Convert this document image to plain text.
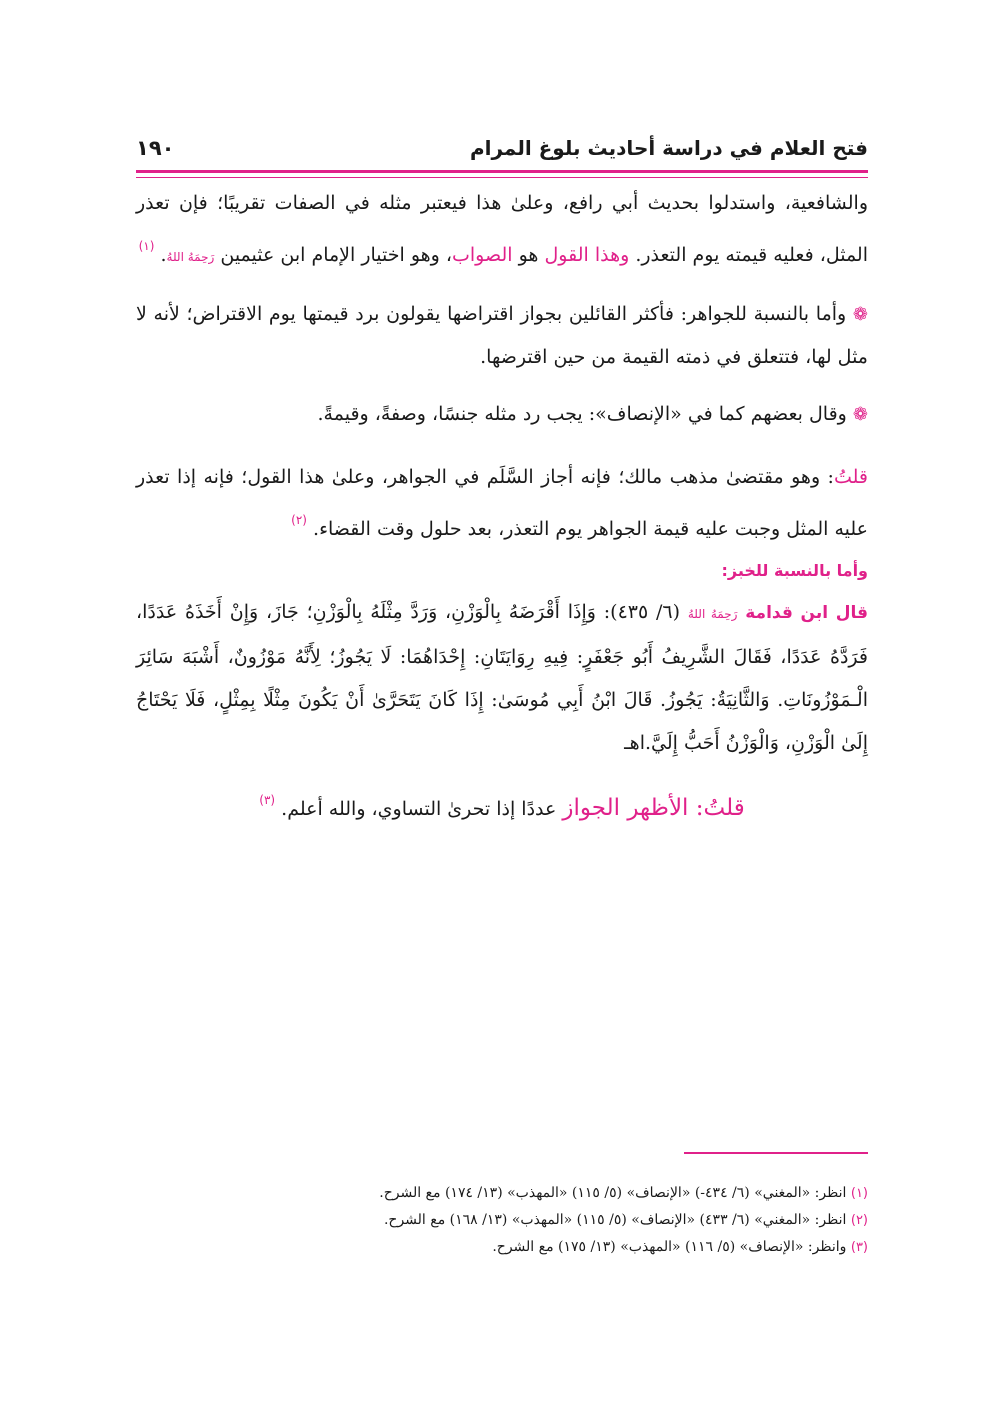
فتح العلام في دراسة أحاديث بلوغ المرام
١٩٠

والشافعية، واستدلوا بحديث أبي رافع، وعلىٰ هذا فيعتبر مثله في الصفات تقريبًا؛ فإن تعذر المثل، فعليه قيمته يوم التعذر. وهذا القول هو الصواب، وهو اختيار الإمام ابن عثيمين رَحِمَهُ اللهُ. $^{(١)}$

❁ وأما بالنسبة للجواهر: فأكثر القائلين بجواز اقتراضها يقولون برد قيمتها يوم الاقتراض؛ لأنه لا مثل لها، فتتعلق في ذمته القيمة من حين اقترضها.

❁ وقال بعضهم كما في «الإنصاف»: يجب رد مثله جنسًا، وصفةً، وقيمةً.

قلتُ: وهو مقتضىٰ مذهب مالك؛ فإنه أجاز السَّلَم في الجواهر، وعلىٰ هذا القول؛ فإنه إذا تعذر عليه المثل وجبت عليه قيمة الجواهر يوم التعذر، بعد حلول وقت القضاء. $^{(٢)}$

وأما بالنسبة للخبز:

قال ابن قدامة رَحِمَهُ اللهُ (٦/ ٤٣٥): وَإِذَا أَقْرَضَهُ بِالْوَزْنِ، وَرَدَّ مِثْلَهُ بِالْوَزْنِ؛ جَازَ، وَإِنْ أَخَذَهُ عَدَدًا، فَرَدَّهُ عَدَدًا، فَقَالَ الشَّرِيفُ أَبُو جَعْفَرٍ: فِيهِ رِوَايَتَانِ: إِحْدَاهُمَا: لَا يَجُوزُ؛ لِأَنَّهُ مَوْزُونٌ، أَشْبَهَ سَائِرَ الْـمَوْزُونَاتِ. وَالثَّانِيَةُ: يَجُوزُ. قَالَ ابْنُ أَبِي مُوسَىٰ: إِذَا كَانَ يَتَحَرَّىٰ أَنْ يَكُونَ مِثْلًا بِمِثْلٍ، فَلَا يَحْتَاجُ إِلَىٰ الْوَزْنِ، وَالْوَزْنُ أَحَبُّ إِلَيَّ.اهـ

قلتُ: الأظهر الجواز عددًا إذا تحرىٰ التساوي، والله أعلم. $^{(٣)}$

(١) انظر: «المغني» (٦/ ٤٣٤-) «الإنصاف» (٥/ ١١٥) «المهذب» (١٣/ ١٧٤) مع الشرح.

(٢) انظر: «المغني» (٦/ ٤٣٣) «الإنصاف» (٥/ ١١٥) «المهذب» (١٣/ ١٦٨) مع الشرح.

(٣) وانظر: «الإنصاف» (٥/ ١١٦) «المهذب» (١٣/ ١٧٥) مع الشرح.
